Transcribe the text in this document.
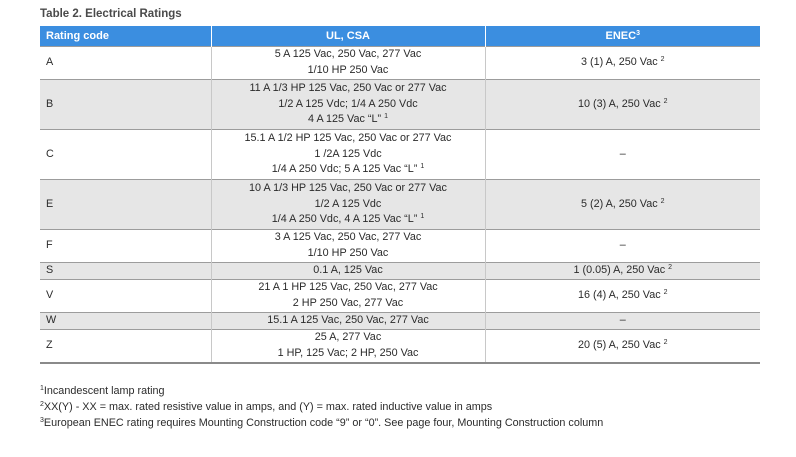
Table 2. Electrical Ratings
Rating code	UL, CSA	ENEC$^3$
A	5 A 125 Vac, 250 Vac, 277 Vac
1/10 HP 250 Vac	3 (1) A, 250 Vac $^2$
B	11 A 1/3 HP 125 Vac, 250 Vac or 277 Vac
1/2 A 125 Vdc; 1/4 A 250 Vdc
4 A 125 Vac “L” $^1$	10 (3) A, 250 Vac $^2$
C	15.1 A 1/2 HP 125 Vac, 250 Vac or 277 Vac
1 /2A 125 Vdc
1/4 A 250 Vdc; 5 A 125 Vac “L” $^1$	–
E	10 A 1/3 HP 125 Vac, 250 Vac or 277 Vac
1/2 A 125 Vdc
1/4 A 250 Vdc, 4 A 125 Vac “L” $^1$	5 (2) A, 250 Vac $^2$
F	3 A 125 Vac, 250 Vac, 277 Vac
1/10 HP 250 Vac	–
S	0.1 A, 125 Vac	1 (0.05) A, 250 Vac $^2$
V	21 A 1 HP 125 Vac, 250 Vac, 277 Vac
2 HP 250 Vac, 277 Vac	16 (4) A, 250 Vac $^2$
W	15.1 A 125 Vac, 250 Vac, 277 Vac	–
Z	25 A, 277 Vac
1 HP, 125 Vac; 2 HP, 250 Vac	20 (5) A, 250 Vac $^2$
$^1$Incandescent lamp rating
$^2$XX(Y) - XX = max. rated resistive value in amps, and (Y) = max. rated inductive value in amps
$^3$European ENEC rating requires Mounting Construction code “9” or “0”. See page four, Mounting Construction column
